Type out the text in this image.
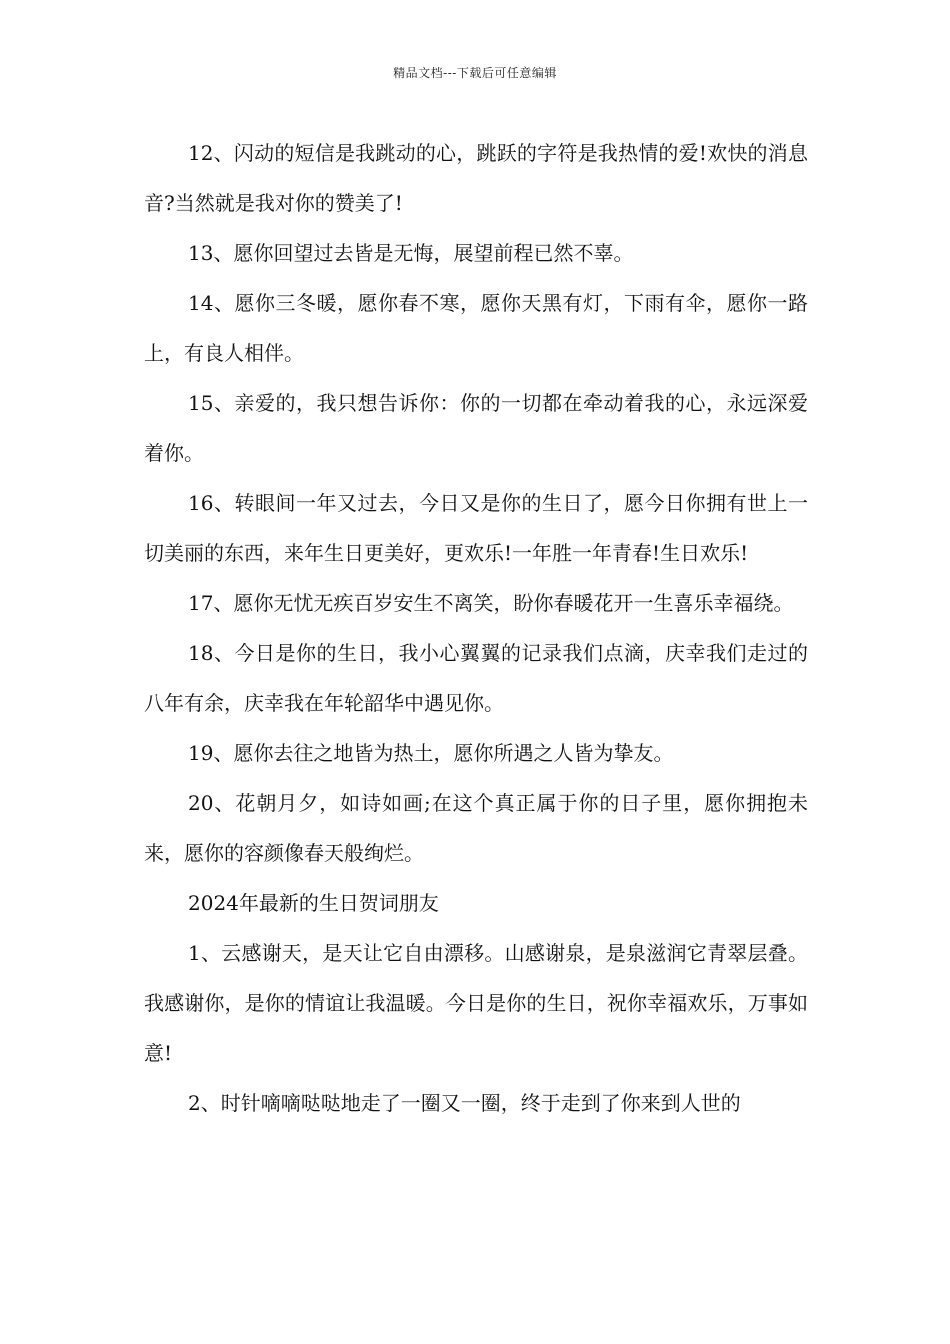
精品文档---下载后可任意编辑

12、闪动的短信是我跳动的心，跳跃的字符是我热情的爱!欢快的消息音?当然就是我对你的赞美了!

13、愿你回望过去皆是无悔，展望前程已然不辜。

14、愿你三冬暖，愿你春不寒，愿你天黑有灯，下雨有伞，愿你一路上，有良人相伴。

15、亲爱的，我只想告诉你：你的一切都在牵动着我的心，永远深爱着你。

16、转眼间一年又过去，今日又是你的生日了，愿今日你拥有世上一切美丽的东西，来年生日更美好，更欢乐!一年胜一年青春!生日欢乐!

17、愿你无忧无疾百岁安生不离笑，盼你春暖花开一生喜乐幸福绕。

18、今日是你的生日，我小心翼翼的记录我们点滴，庆幸我们走过的八年有余，庆幸我在年轮韶华中遇见你。

19、愿你去往之地皆为热土，愿你所遇之人皆为挚友。

20、花朝月夕，如诗如画;在这个真正属于你的日子里，愿你拥抱未来，愿你的容颜像春天般绚烂。

2024年最新的生日贺词朋友

1、云感谢天，是天让它自由漂移。山感谢泉，是泉滋润它青翠层叠。我感谢你，是你的情谊让我温暖。今日是你的生日，祝你幸福欢乐，万事如意!

2、时针嘀嘀哒哒地走了一圈又一圈，终于走到了你来到人世的
